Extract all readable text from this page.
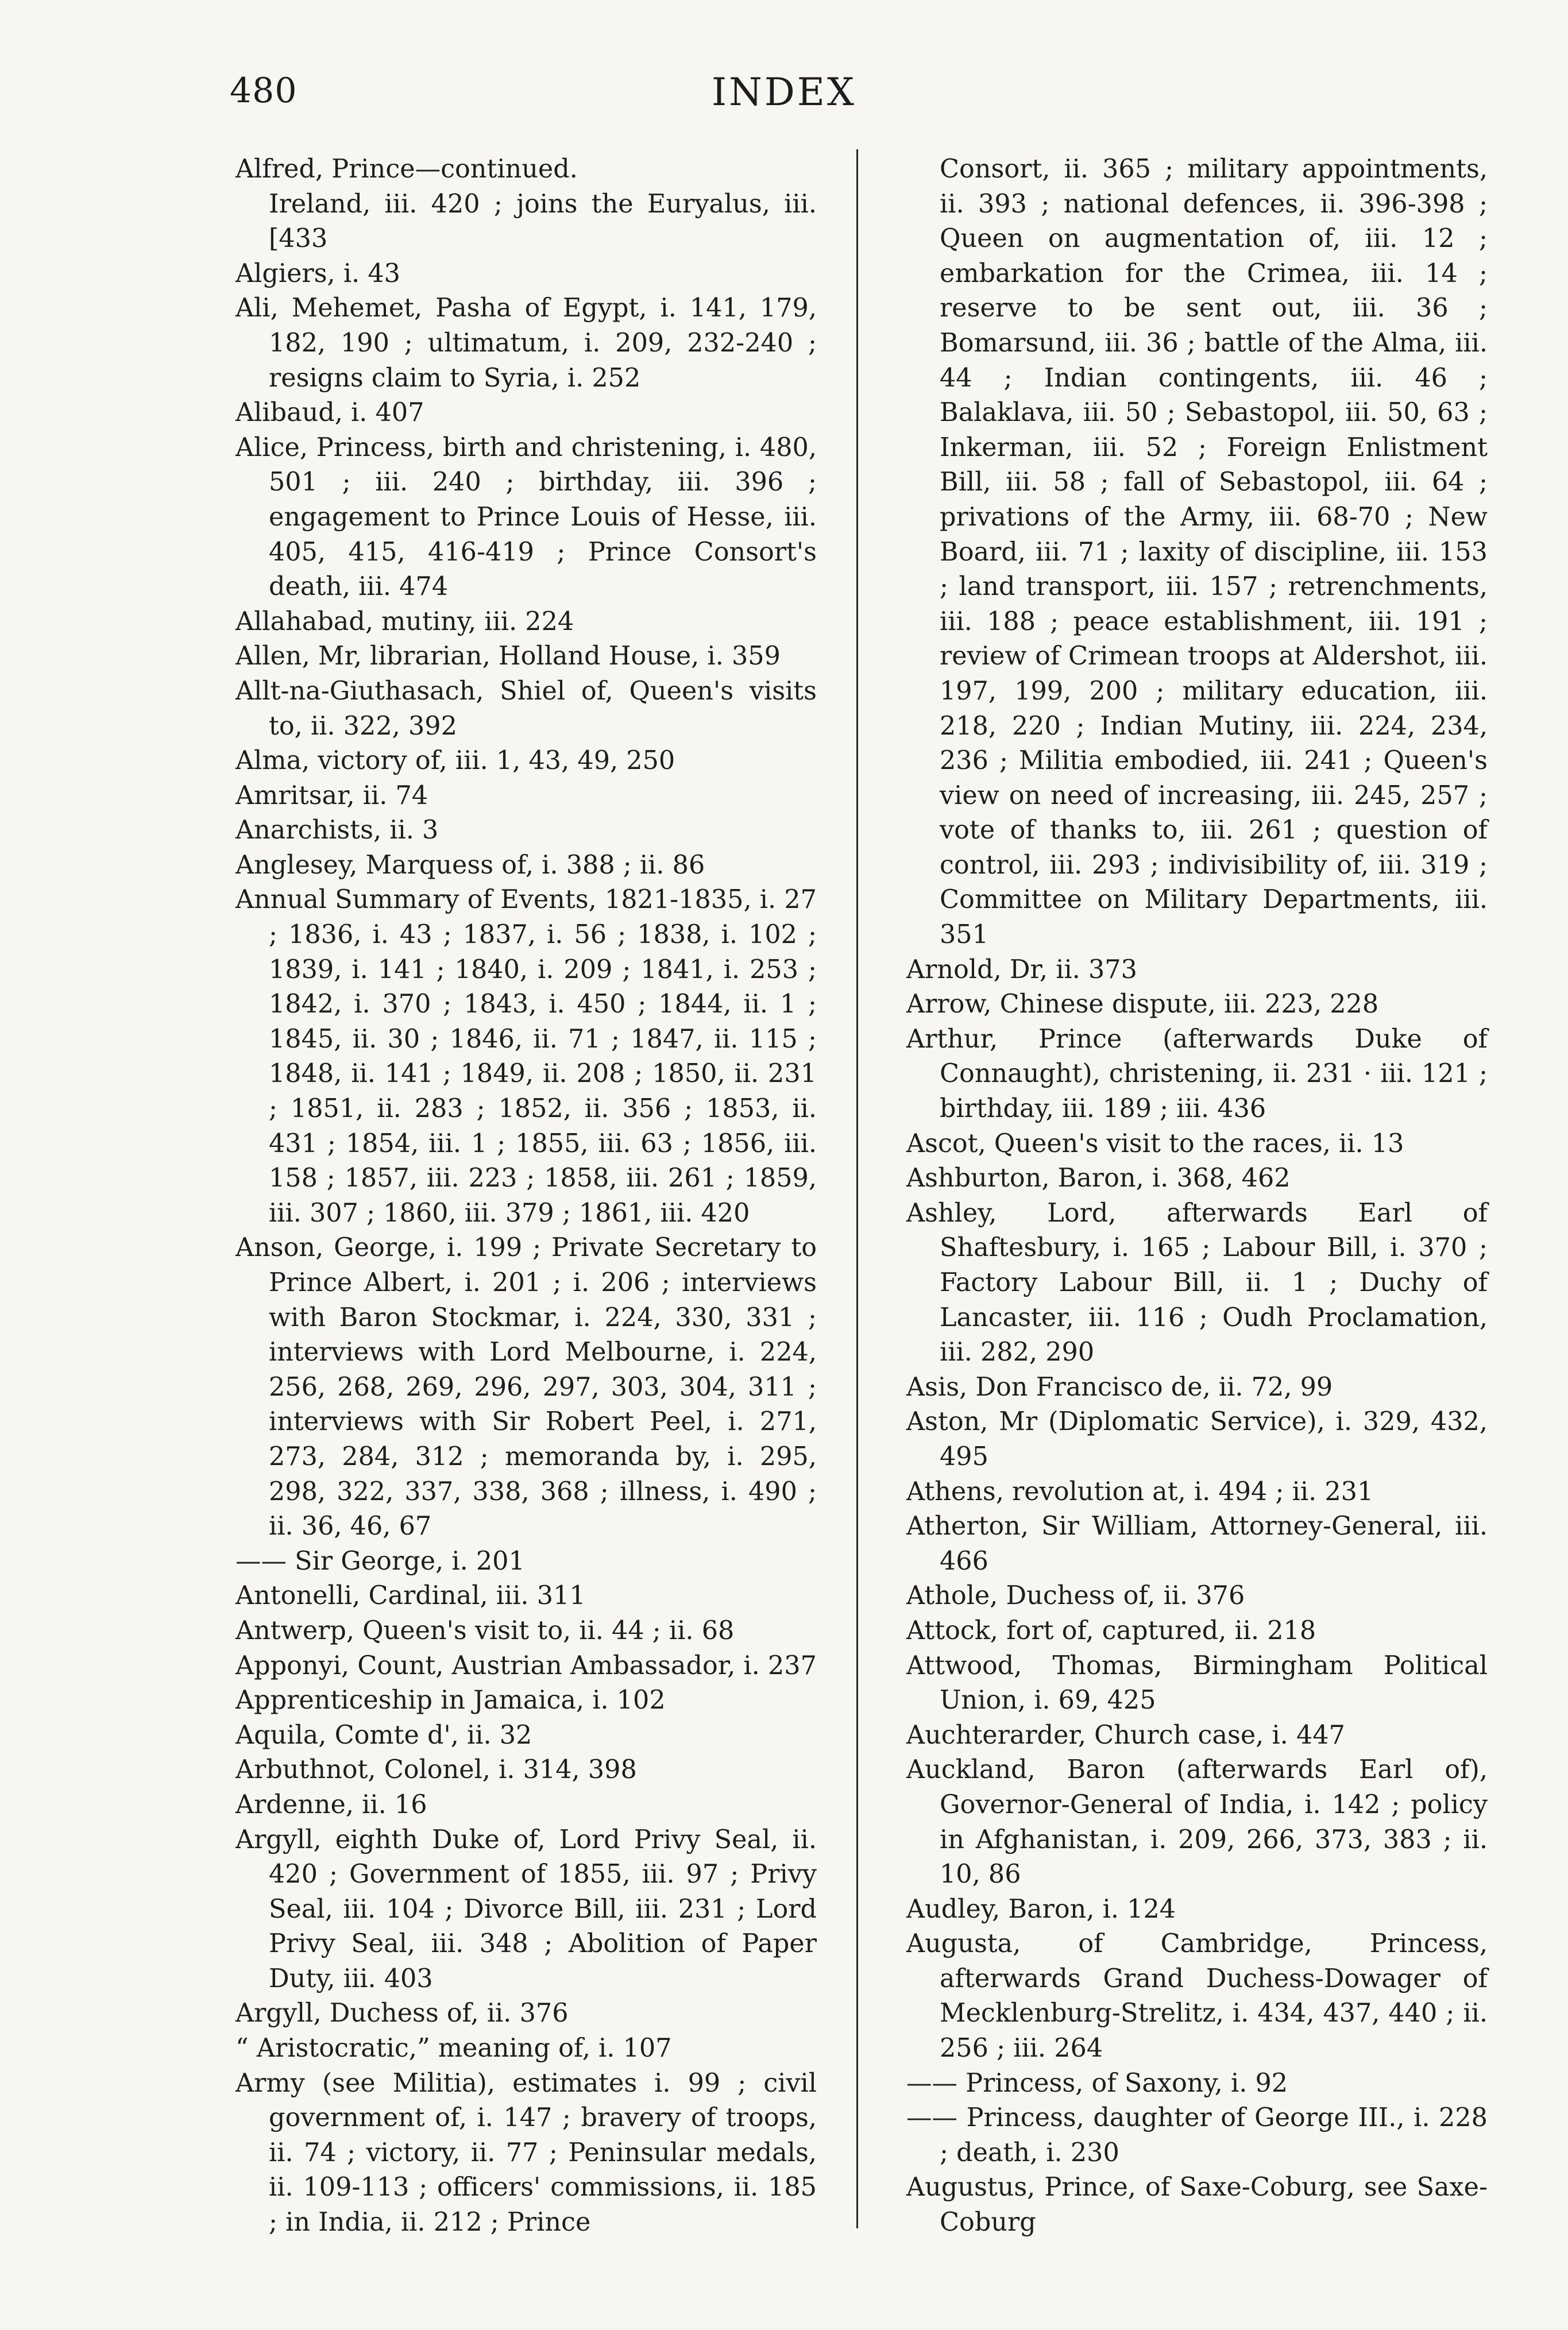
480	INDEX

Alfred, Prince—continued.

Ireland, iii. 420 ; joins the Euryalus, iii. [433

Algiers, i. 43

Ali, Mehemet, Pasha of Egypt, i. 141, 179, 182, 190 ; ultimatum, i. 209, 232-240 ; resigns claim to Syria, i. 252

Alibaud, i. 407

Alice, Princess, birth and christening, i. 480, 501 ; iii. 240 ; birthday, iii. 396 ; engagement to Prince Louis of Hesse, iii. 405, 415, 416-419 ; Prince Consort's death, iii. 474

Allahabad, mutiny, iii. 224

Allen, Mr, librarian, Holland House, i. 359

Allt-na-Giuthasach, Shiel of, Queen's visits to, ii. 322, 392

Alma, victory of, iii. 1, 43, 49, 250

Amritsar, ii. 74

Anarchists, ii. 3

Anglesey, Marquess of, i. 388 ; ii. 86

Annual Summary of Events, 1821-1835, i. 27 ; 1836, i. 43 ; 1837, i. 56 ; 1838, i. 102 ; 1839, i. 141 ; 1840, i. 209 ; 1841, i. 253 ; 1842, i. 370 ; 1843, i. 450 ; 1844, ii. 1 ; 1845, ii. 30 ; 1846, ii. 71 ; 1847, ii. 115 ; 1848, ii. 141 ; 1849, ii. 208 ; 1850, ii. 231 ; 1851, ii. 283 ; 1852, ii. 356 ; 1853, ii. 431 ; 1854, iii. 1 ; 1855, iii. 63 ; 1856, iii. 158 ; 1857, iii. 223 ; 1858, iii. 261 ; 1859, iii. 307 ; 1860, iii. 379 ; 1861, iii. 420

Anson, George, i. 199 ; Private Secretary to Prince Albert, i. 201 ; i. 206 ; interviews with Baron Stockmar, i. 224, 330, 331 ; interviews with Lord Melbourne, i. 224, 256, 268, 269, 296, 297, 303, 304, 311 ; interviews with Sir Robert Peel, i. 271, 273, 284, 312 ; memoranda by, i. 295, 298, 322, 337, 338, 368 ; illness, i. 490 ; ii. 36, 46, 67

—— Sir George, i. 201

Antonelli, Cardinal, iii. 311

Antwerp, Queen's visit to, ii. 44 ; ii. 68

Apponyi, Count, Austrian Ambassador, i. 237

Apprenticeship in Jamaica, i. 102

Aquila, Comte d', ii. 32

Arbuthnot, Colonel, i. 314, 398

Ardenne, ii. 16

Argyll, eighth Duke of, Lord Privy Seal, ii. 420 ; Government of 1855, iii. 97 ; Privy Seal, iii. 104 ; Divorce Bill, iii. 231 ; Lord Privy Seal, iii. 348 ; Abolition of Paper Duty, iii. 403

Argyll, Duchess of, ii. 376

“ Aristocratic,” meaning of, i. 107

Army (see Militia), estimates i. 99 ; civil government of, i. 147 ; bravery of troops, ii. 74 ; victory, ii. 77 ; Peninsular medals, ii. 109-113 ; officers' commissions, ii. 185 ; in India, ii. 212 ; Prince

Consort, ii. 365 ; military appointments, ii. 393 ; national defences, ii. 396-398 ; Queen on augmentation of, iii. 12 ; embarkation for the Crimea, iii. 14 ; reserve to be sent out, iii. 36 ; Bomarsund, iii. 36 ; battle of the Alma, iii. 44 ; Indian contingents, iii. 46 ; Balaklava, iii. 50 ; Sebastopol, iii. 50, 63 ; Inkerman, iii. 52 ; Foreign Enlistment Bill, iii. 58 ; fall of Sebastopol, iii. 64 ; privations of the Army, iii. 68-70 ; New Board, iii. 71 ; laxity of discipline, iii. 153 ; land transport, iii. 157 ; retrenchments, iii. 188 ; peace establishment, iii. 191 ; review of Crimean troops at Aldershot, iii. 197, 199, 200 ; military education, iii. 218, 220 ; Indian Mutiny, iii. 224, 234, 236 ; Militia embodied, iii. 241 ; Queen's view on need of increasing, iii. 245, 257 ; vote of thanks to, iii. 261 ; question of control, iii. 293 ; indivisibility of, iii. 319 ; Committee on Military Departments, iii. 351

Arnold, Dr, ii. 373

Arrow, Chinese dispute, iii. 223, 228

Arthur, Prince (afterwards Duke of Connaught), christening, ii. 231 · iii. 121 ; birthday, iii. 189 ; iii. 436

Ascot, Queen's visit to the races, ii. 13

Ashburton, Baron, i. 368, 462

Ashley, Lord, afterwards Earl of Shaftesbury, i. 165 ; Labour Bill, i. 370 ; Factory Labour Bill, ii. 1 ; Duchy of Lancaster, iii. 116 ; Oudh Proclamation, iii. 282, 290

Asis, Don Francisco de, ii. 72, 99

Aston, Mr (Diplomatic Service), i. 329, 432, 495

Athens, revolution at, i. 494 ; ii. 231

Atherton, Sir William, Attorney-General, iii. 466

Athole, Duchess of, ii. 376

Attock, fort of, captured, ii. 218

Attwood, Thomas, Birmingham Political Union, i. 69, 425

Auchterarder, Church case, i. 447

Auckland, Baron (afterwards Earl of), Governor-General of India, i. 142 ; policy in Afghanistan, i. 209, 266, 373, 383 ; ii. 10, 86

Audley, Baron, i. 124

Augusta, of Cambridge, Princess, afterwards Grand Duchess-Dowager of Mecklenburg-Strelitz, i. 434, 437, 440 ; ii. 256 ; iii. 264

—— Princess, of Saxony, i. 92

—— Princess, daughter of George III., i. 228 ; death, i. 230

Augustus, Prince, of Saxe-Coburg, see Saxe-Coburg
